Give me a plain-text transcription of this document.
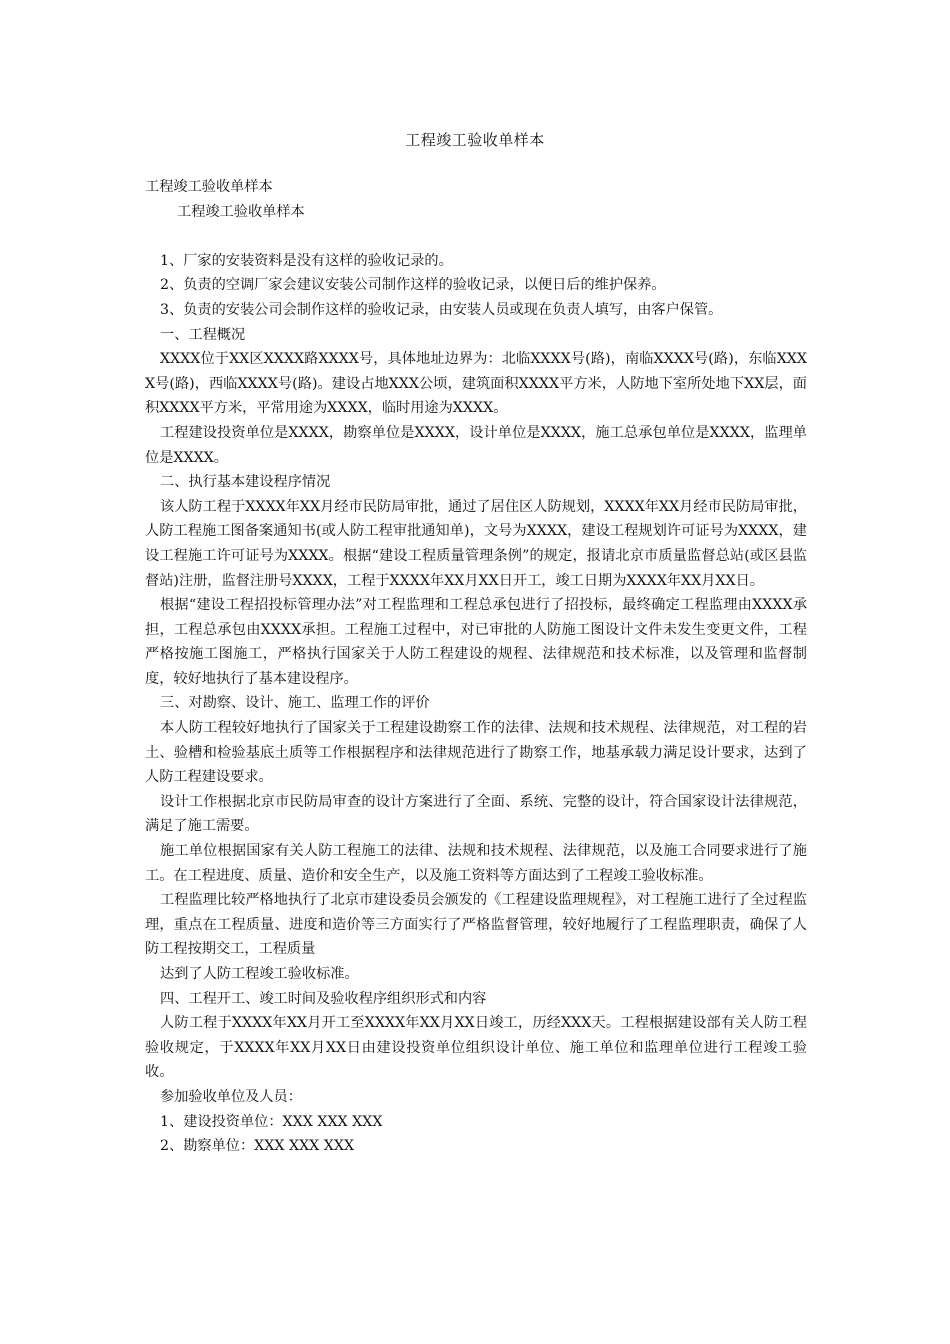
工程竣工验收单样本

工程竣工验收单样本

工程竣工验收单样本

1、厂家的安装资料是没有这样的验收记录的。

2、负责的空调厂家会建议安装公司制作这样的验收记录，以便日后的维护保养。

3、负责的安装公司会制作这样的验收记录，由安装人员或现在负责人填写，由客户保管。

一、工程概况

XXXX位于XX区XXXX路XXXX号，具体地址边界为：北临XXXX号(路)，南临XXXX号(路)，东临XXXX号(路)，西临XXXX号(路)。建设占地XXX公顷，建筑面积XXXX平方米，人防地下室所处地下XX层，面积XXXX平方米，平常用途为XXXX，临时用途为XXXX。

工程建设投资单位是XXXX，勘察单位是XXXX，设计单位是XXXX，施工总承包单位是XXXX，监理单位是XXXX。

二、执行基本建设程序情况

该人防工程于XXXX年XX月经市民防局审批，通过了居住区人防规划，XXXX年XX月经市民防局审批，人防工程施工图备案通知书(或人防工程审批通知单)，文号为XXXX，建设工程规划许可证号为XXXX，建设工程施工许可证号为XXXX。根据“建设工程质量管理条例”的规定，报请北京市质量监督总站(或区县监督站)注册，监督注册号XXXX，工程于XXXX年XX月XX日开工，竣工日期为XXXX年XX月XX日。

根据“建设工程招投标管理办法”对工程监理和工程总承包进行了招投标，最终确定工程监理由XXXX承担，工程总承包由XXXX承担。工程施工过程中，对已审批的人防施工图设计文件未发生变更文件，工程严格按施工图施工，严格执行国家关于人防工程建设的规程、法律规范和技术标准，以及管理和监督制度，较好地执行了基本建设程序。

三、对勘察、设计、施工、监理工作的评价

本人防工程较好地执行了国家关于工程建设勘察工作的法律、法规和技术规程、法律规范，对工程的岩土、验槽和检验基底土质等工作根据程序和法律规范进行了勘察工作，地基承载力满足设计要求，达到了人防工程建设要求。

设计工作根据北京市民防局审查的设计方案进行了全面、系统、完整的设计，符合国家设计法律规范，满足了施工需要。

施工单位根据国家有关人防工程施工的法律、法规和技术规程、法律规范，以及施工合同要求进行了施工。在工程进度、质量、造价和安全生产，以及施工资料等方面达到了工程竣工验收标准。

工程监理比较严格地执行了北京市建设委员会颁发的《工程建设监理规程》，对工程施工进行了全过程监理，重点在工程质量、进度和造价等三方面实行了严格监督管理，较好地履行了工程监理职责，确保了人防工程按期交工，工程质量

达到了人防工程竣工验收标准。

四、工程开工、竣工时间及验收程序组织形式和内容

人防工程于XXXX年XX月开工至XXXX年XX月XX日竣工，历经XXX天。工程根据建设部有关人防工程验收规定，于XXXX年XX月XX日由建设投资单位组织设计单位、施工单位和监理单位进行工程竣工验收。

参加验收单位及人员：

1、建设投资单位：XXX XXX XXX

2、勘察单位：XXX XXX XXX
